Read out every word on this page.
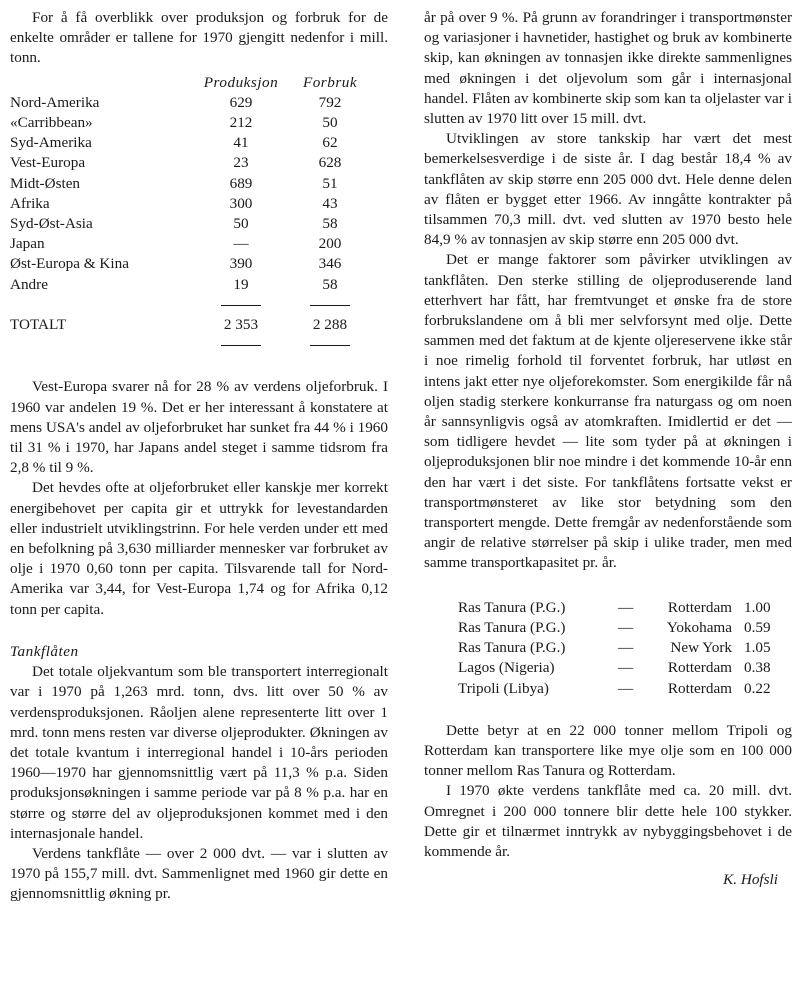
For å få overblikk over produksjon og forbruk for de enkelte områder er tallene for 1970 gjengitt nedenfor i mill. tonn.

	Produksjon	Forbruk
Nord-Amerika	629	792
«Carribbean»	212	50
Syd-Amerika	41	62
Vest-Europa	23	628
Midt-Østen	689	51
Afrika	300	43
Syd-Øst-Asia	50	58
Japan	—	200
Øst-Europa & Kina	390	346
Andre	19	58

TOTALT	2 353	2 288

Vest-Europa svarer nå for 28 % av verdens oljeforbruk. I 1960 var andelen 19 %. Det er her interessant å konstatere at mens USA's andel av oljeforbruket har sunket fra 44 % i 1960 til 31 % i 1970, har Japans andel steget i samme tidsrom fra 2,8 % til 9 %.

Det hevdes ofte at oljeforbruket eller kanskje mer korrekt energibehovet per capita gir et uttrykk for levestandarden eller industrielt utviklingstrinn. For hele verden under ett med en befolkning på 3,630 milliarder mennesker var forbruket av olje i 1970 0,60 tonn per capita. Tilsvarende tall for Nord-Amerika var 3,44, for Vest-Europa 1,74 og for Afrika 0,12 tonn per capita.

Tankflåten

Det totale oljekvantum som ble transportert interregionalt var i 1970 på 1,263 mrd. tonn, dvs. litt over 50 % av verdensproduksjonen. Råoljen alene representerte litt over 1 mrd. tonn mens resten var diverse oljeprodukter. Økningen av det totale kvantum i interregional handel i 10-års perioden 1960—1970 har gjennomsnittlig vært på 11,3 % p.a. Siden produksjonsøkningen i samme periode var på 8 % p.a. har en større og større del av oljeproduksjonen kommet med i den internasjonale handel.

Verdens tankflåte — over 2 000 dvt. — var i slutten av 1970 på 155,7 mill. dvt. Sammenlignet med 1960 gir dette en gjennomsnittlig økning pr.

år på over 9 %. På grunn av forandringer i transportmønster og variasjoner i havnetider, hastighet og bruk av kombinerte skip, kan økningen av tonnasjen ikke direkte sammenlignes med økningen i det oljevolum som går i internasjonal handel. Flåten av kombinerte skip som kan ta oljelaster var i slutten av 1970 litt over 15 mill. dvt.

Utviklingen av store tankskip har vært det mest bemerkelsesverdige i de siste år. I dag består 18,4 % av tankflåten av skip større enn 205 000 dvt. Hele denne delen av flåten er bygget etter 1966. Av inngåtte kontrakter på tilsammen 70,3 mill. dvt. ved slutten av 1970 besto hele 84,9 % av tonnasjen av skip større enn 205 000 dvt.

Det er mange faktorer som påvirker utviklingen av tankflåten. Den sterke stilling de oljeproduserende land etterhvert har fått, har fremtvunget et ønske fra de store forbrukslandene om å bli mer selvforsynt med olje. Dette sammen med det faktum at de kjente oljereservene ikke står i noe rimelig forhold til forventet forbruk, har utløst en intens jakt etter nye oljeforekomster. Som energikilde får nå oljen stadig sterkere konkurranse fra naturgass og om noen år sannsynligvis også av atomkraften. Imidlertid er det — som tidligere hevdet — lite som tyder på at økningen i oljeproduksjonen blir noe mindre i det kommende 10-år enn den har vært i det siste. For tankflåtens fortsatte vekst er transportmønsteret av like stor betydning som den transportert mengde. Dette fremgår av nedenforstående som angir de relative størrelser på skip i ulike trader, men med samme transportkapasitet pr. år.

Ras Tanura (P.G.)	—	Rotterdam	1.00
Ras Tanura (P.G.)	—	Yokohama	0.59
Ras Tanura (P.G.)	—	New York	1.05
Lagos (Nigeria)	—	Rotterdam	0.38
Tripoli (Libya)	—	Rotterdam	0.22

Dette betyr at en 22 000 tonner mellom Tripoli og Rotterdam kan transportere like mye olje som en 100 000 tonner mellom Ras Tanura og Rotterdam.

I 1970 økte verdens tankflåte med ca. 20 mill. dvt. Omregnet i 200 000 tonnere blir dette hele 100 stykker. Dette gir et tilnærmet inntrykk av nybyggingsbehovet i de kommende år.

K. Hofsli
